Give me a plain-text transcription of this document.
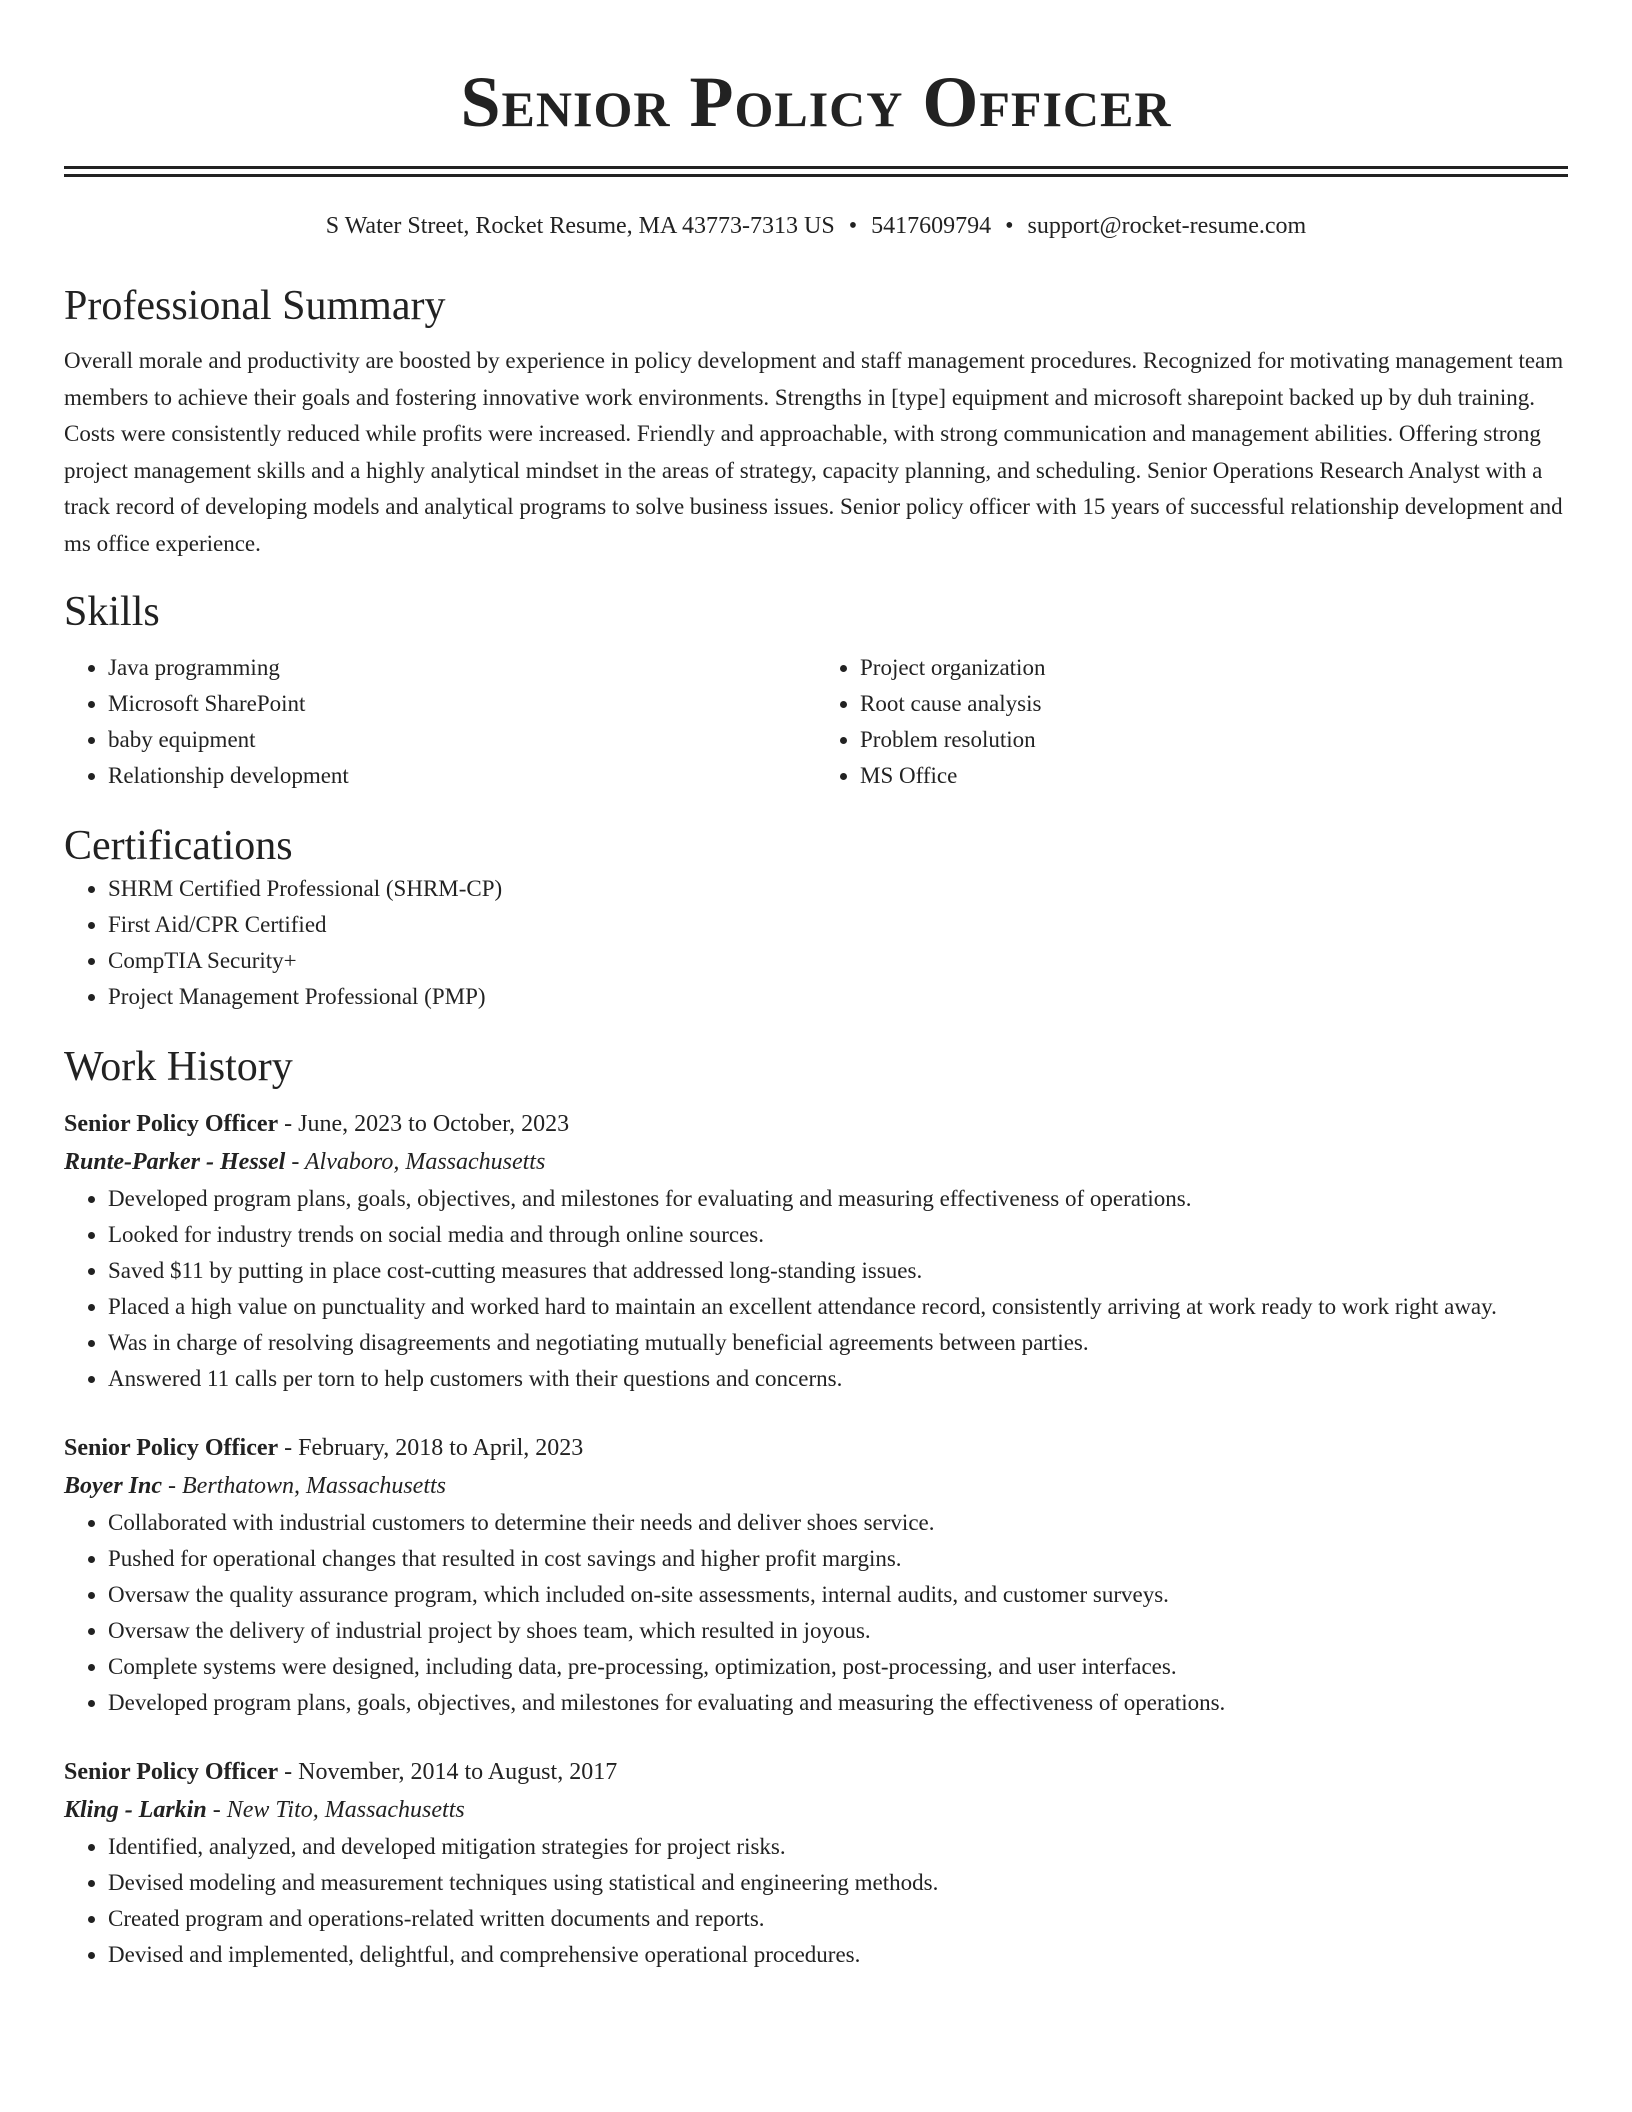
Senior Policy Officer
S Water Street, Rocket Resume, MA 43773-7313 US • 5417609794 • support@rocket-resume.com
Professional Summary

Overall morale and productivity are boosted by experience in policy development and staff management procedures. Recognized for motivating management team members to achieve their goals and fostering innovative work environments. Strengths in [type] equipment and microsoft sharepoint backed up by duh training. Costs were consistently reduced while profits were increased. Friendly and approachable, with strong communication and management abilities. Offering strong project management skills and a highly analytical mindset in the areas of strategy, capacity planning, and scheduling. Senior Operations Research Analyst with a track record of developing models and analytical programs to solve business issues. Senior policy officer with 15 years of successful relationship development and ms office experience.

Skills
• Java programming
• Microsoft SharePoint
• baby equipment
• Relationship development
• Project organization
• Root cause analysis
• Problem resolution
• MS Office
Certifications
• SHRM Certified Professional (SHRM-CP)
• First Aid/CPR Certified
• CompTIA Security+
• Project Management Professional (PMP)
Work History
Senior Policy Officer - June, 2023 to October, 2023
Runte-Parker - Hessel - Alvaboro, Massachusetts
• Developed program plans, goals, objectives, and milestones for evaluating and measuring effectiveness of operations.
• Looked for industry trends on social media and through online sources.
• Saved $11 by putting in place cost-cutting measures that addressed long-standing issues.
• Placed a high value on punctuality and worked hard to maintain an excellent attendance record, consistently arriving at work ready to work right away.
• Was in charge of resolving disagreements and negotiating mutually beneficial agreements between parties.
• Answered 11 calls per torn to help customers with their questions and concerns.
Senior Policy Officer - February, 2018 to April, 2023
Boyer Inc - Berthatown, Massachusetts
• Collaborated with industrial customers to determine their needs and deliver shoes service.
• Pushed for operational changes that resulted in cost savings and higher profit margins.
• Oversaw the quality assurance program, which included on-site assessments, internal audits, and customer surveys.
• Oversaw the delivery of industrial project by shoes team, which resulted in joyous.
• Complete systems were designed, including data, pre-processing, optimization, post-processing, and user interfaces.
• Developed program plans, goals, objectives, and milestones for evaluating and measuring the effectiveness of operations.
Senior Policy Officer - November, 2014 to August, 2017
Kling - Larkin - New Tito, Massachusetts
• Identified, analyzed, and developed mitigation strategies for project risks.
• Devised modeling and measurement techniques using statistical and engineering methods.
• Created program and operations-related written documents and reports.
• Devised and implemented, delightful, and comprehensive operational procedures.
